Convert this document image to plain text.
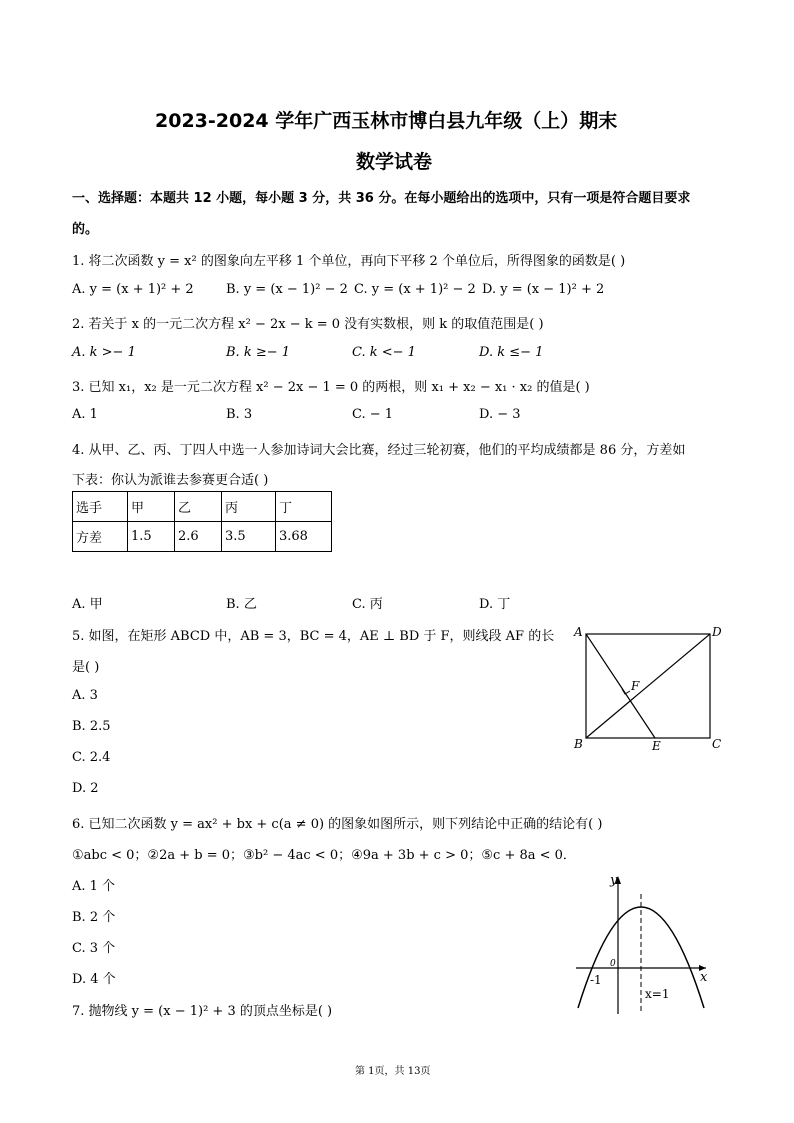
2023-2024 学年广西玉林市博白县九年级（上）期末
数学试卷
一、选择题：本题共 12 小题，每小题 3 分，共 36 分。在每小题给出的选项中，只有一项是符合题目要求
的。
1. 将二次函数 y = x² 的图象向左平移 1 个单位，再向下平移 2 个单位后，所得图象的函数是( )
A. y = (x + 1)² + 2 B. y = (x − 1)² − 2 C. y = (x + 1)² − 2 D. y = (x − 1)² + 2
2. 若关于 x 的一元二次方程 x² − 2x − k = 0 没有实数根，则 k 的取值范围是( )
A. k >− 1	B. k ≥− 1	C. k <− 1	D. k ≤− 1
3. 已知 x₁，x₂ 是一元二次方程 x² − 2x − 1 = 0 的两根，则 x₁ + x₂ − x₁ · x₂ 的值是( )
A. 1	B. 3	C. − 1	D. − 3
4. 从甲、乙、丙、丁四人中选一人参加诗词大会比赛，经过三轮初赛，他们的平均成绩都是 86 分，方差如
下表：你认为派谁去参赛更合适( )
选手	甲	乙	丙	丁
方差	1.5	2.6	3.5	3.68
A. 甲	B. 乙	C. 丙	D. 丁
5. 如图，在矩形 ABCD 中，AB = 3，BC = 4，AE ⊥ BD 于 F，则线段 AF 的长
是( )
A. 3
B. 2.5
C. 2.4
D. 2
A	D
B	E	C
F
6. 已知二次函数 y = ax² + bx + c(a ≠ 0) 的图象如图所示，则下列结论中正确的结论有( )
①abc < 0；②2a + b = 0；③b² − 4ac < 0；④9a + 3b + c > 0；⑤c + 8a < 0．
A. 1 个
B. 2 个
C. 3 个
D. 4 个
y
x
0
-1
x=1
7. 抛物线 y = (x − 1)² + 3 的顶点坐标是( )
第 1页，共 13页
